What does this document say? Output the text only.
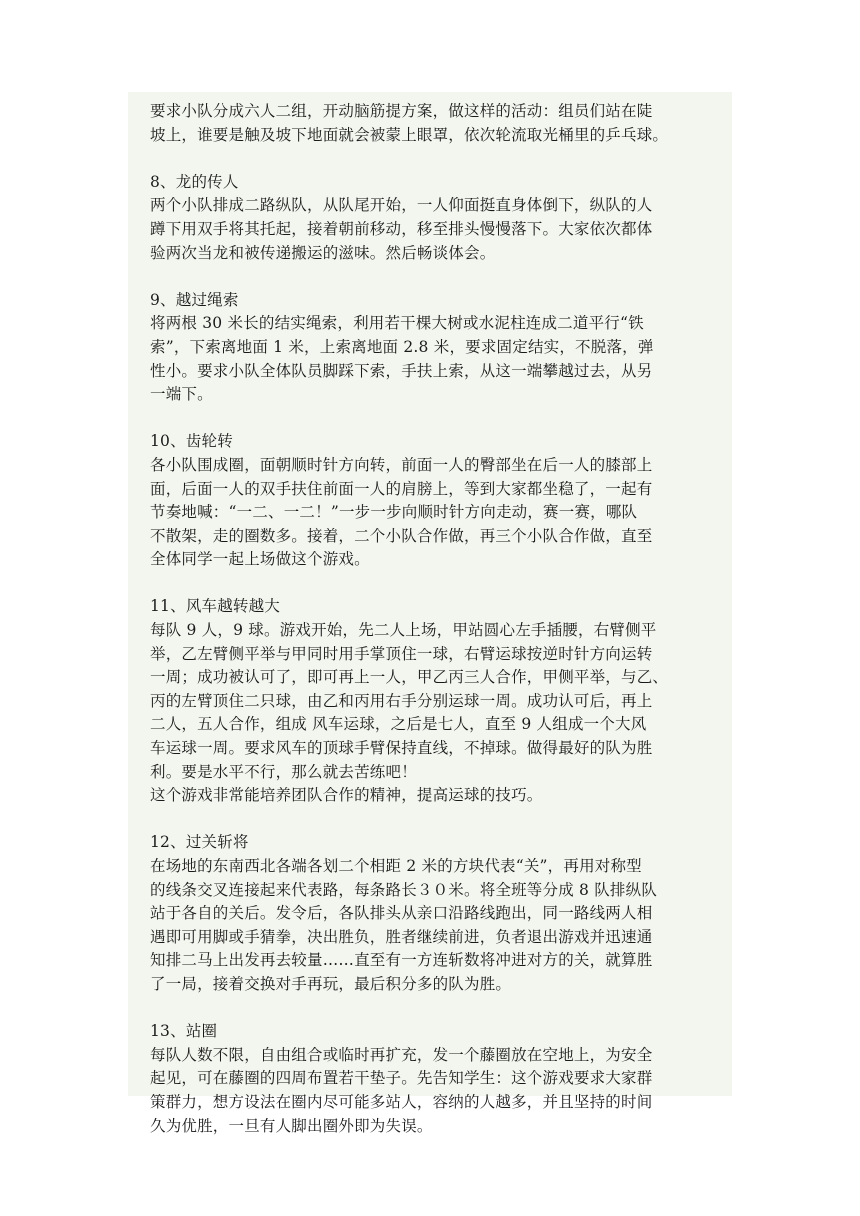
要求小队分成六人二组，开动脑筋提方案，做这样的活动：组员们站在陡

坡上，谁要是触及坡下地面就会被蒙上眼罩，依次轮流取光桶里的乒乓球。

8、龙的传人

两个小队排成二路纵队，从队尾开始，一人仰面挺直身体倒下，纵队的人

蹲下用双手将其托起，接着朝前移动，移至排头慢慢落下。大家依次都体

验两次当龙和被传递搬运的滋味。然后畅谈体会。

9、越过绳索

将两根 30 米长的结实绳索，利用若干棵大树或水泥柱连成二道平行“铁

索”，下索离地面 1 米，上索离地面 2.8 米，要求固定结实，不脱落，弹

性小。要求小队全体队员脚踩下索，手扶上索，从这一端攀越过去，从另

一端下。

10、齿轮转

各小队围成圈，面朝顺时针方向转，前面一人的臀部坐在后一人的膝部上

面，后面一人的双手扶住前面一人的肩膀上，等到大家都坐稳了，一起有

节奏地喊：“一二、一二！”一步一步向顺时针方向走动，赛一赛，哪队

不散架，走的圈数多。接着，二个小队合作做，再三个小队合作做，直至

全体同学一起上场做这个游戏。

11、风车越转越大

每队 9 人，9 球。游戏开始，先二人上场，甲站圆心左手插腰，右臂侧平

举，乙左臂侧平举与甲同时用手掌顶住一球，右臂运球按逆时针方向运转

一周；成功被认可了，即可再上一人，甲乙丙三人合作，甲侧平举，与乙、

丙的左臂顶住二只球，由乙和丙用右手分别运球一周。成功认可后，再上

二人，五人合作，组成 风车运球，之后是七人，直至 9 人组成一个大风

车运球一周。要求风车的顶球手臂保持直线，不掉球。做得最好的队为胜

利。要是水平不行，那么就去苦练吧！

这个游戏非常能培养团队合作的精神，提高运球的技巧。

12、过关斩将

在场地的东南西北各端各划二个相距 2 米的方块代表“关”，再用对称型

的线条交叉连接起来代表路，每条路长３０米。将全班等分成 8 队排纵队

站于各自的关后。发令后，各队排头从亲口沿路线跑出，同一路线两人相

遇即可用脚或手猜拳，决出胜负，胜者继续前进，负者退出游戏并迅速通

知排二马上出发再去较量……直至有一方连斩数将冲进对方的关，就算胜

了一局，接着交换对手再玩，最后积分多的队为胜。

13、站圈

每队人数不限，自由组合或临时再扩充，发一个藤圈放在空地上，为安全

起见，可在藤圈的四周布置若干垫子。先告知学生：这个游戏要求大家群

策群力，想方设法在圈内尽可能多站人，容纳的人越多，并且坚持的时间

久为优胜，一旦有人脚出圈外即为失误。
